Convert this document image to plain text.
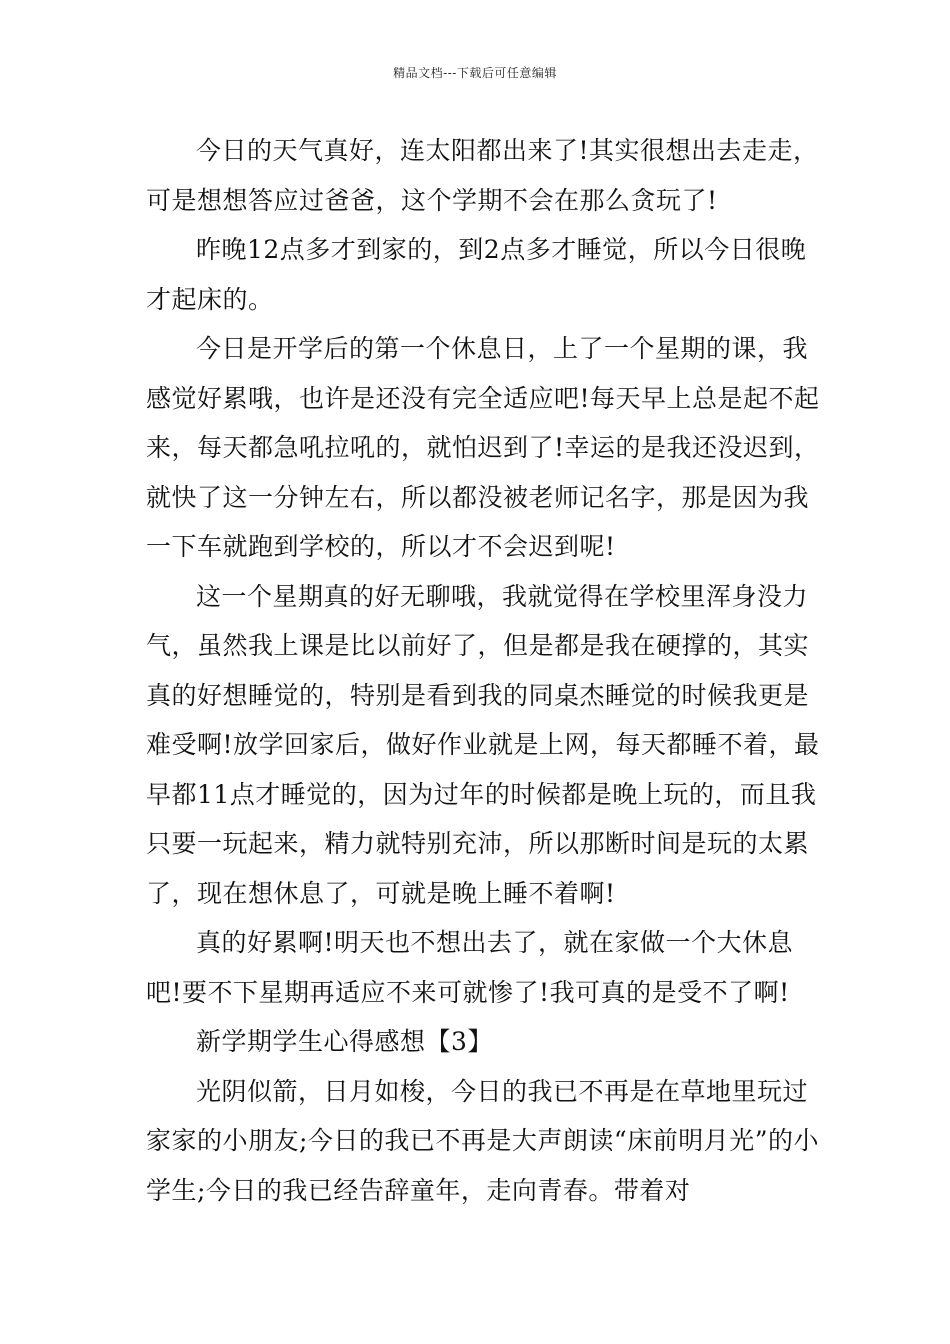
精品文档---下载后可任意编辑

今日的天气真好，连太阳都出来了!其实很想出去走走，可是想想答应过爸爸，这个学期不会在那么贪玩了!

昨晚12点多才到家的，到2点多才睡觉，所以今日很晚才起床的。

今日是开学后的第一个休息日，上了一个星期的课，我感觉好累哦，也许是还没有完全适应吧!每天早上总是起不起来，每天都急吼拉吼的，就怕迟到了!幸运的是我还没迟到，就快了这一分钟左右，所以都没被老师记名字，那是因为我一下车就跑到学校的，所以才不会迟到呢!

这一个星期真的好无聊哦，我就觉得在学校里浑身没力气，虽然我上课是比以前好了，但是都是我在硬撑的，其实真的好想睡觉的，特别是看到我的同桌杰睡觉的时候我更是难受啊!放学回家后，做好作业就是上网，每天都睡不着，最早都11点才睡觉的，因为过年的时候都是晚上玩的，而且我只要一玩起来，精力就特别充沛，所以那断时间是玩的太累了，现在想休息了，可就是晚上睡不着啊!

真的好累啊!明天也不想出去了，就在家做一个大休息吧!要不下星期再适应不来可就惨了!我可真的是受不了啊!

新学期学生心得感想【3】

光阴似箭，日月如梭，今日的我已不再是在草地里玩过家家的小朋友;今日的我已不再是大声朗读“床前明月光”的小学生;今日的我已经告辞童年，走向青春。带着对
